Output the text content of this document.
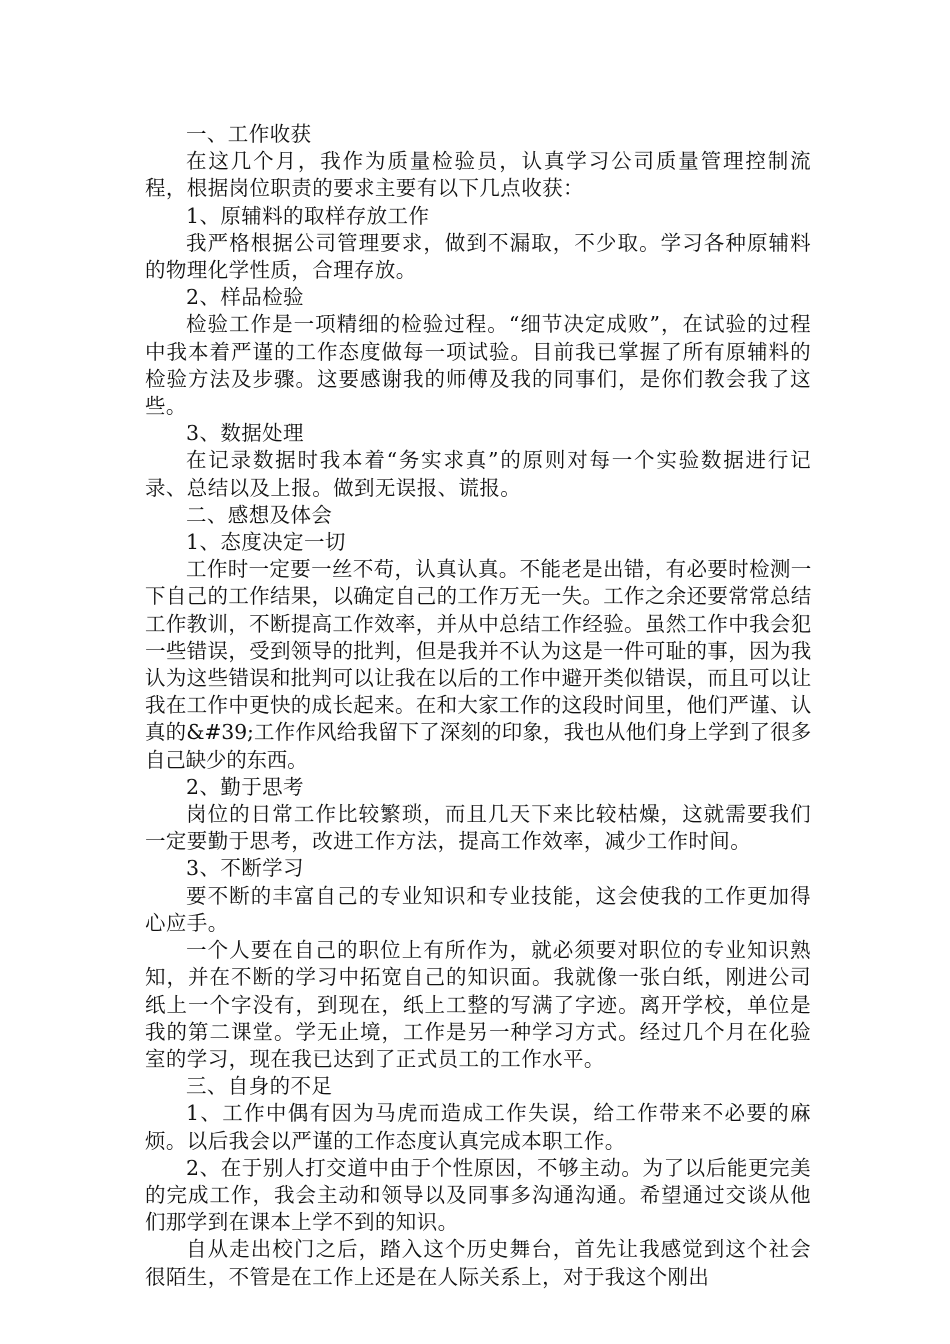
一、工作收获

在这几个月，我作为质量检验员，认真学习公司质量管理控制流程，根据岗位职责的要求主要有以下几点收获：

1、原辅料的取样存放工作

我严格根据公司管理要求，做到不漏取，不少取。学习各种原辅料的物理化学性质，合理存放。

2、样品检验

检验工作是一项精细的检验过程。“细节决定成败”，在试验的过程中我本着严谨的工作态度做每一项试验。目前我已掌握了所有原辅料的检验方法及步骤。这要感谢我的师傅及我的同事们，是你们教会我了这些。

3、数据处理

在记录数据时我本着“务实求真”的原则对每一个实验数据进行记录、总结以及上报。做到无误报、谎报。

二、感想及体会

1、态度决定一切

工作时一定要一丝不苟，认真认真。不能老是出错，有必要时检测一下自己的工作结果，以确定自己的工作万无一失。工作之余还要常常总结工作教训，不断提高工作效率，并从中总结工作经验。虽然工作中我会犯一些错误，受到领导的批判，但是我并不认为这是一件可耻的事，因为我认为这些错误和批判可以让我在以后的工作中避开类似错误，而且可以让我在工作中更快的成长起来。在和大家工作的这段时间里，他们严谨、认真的&#39;工作作风给我留下了深刻的印象，我也从他们身上学到了很多自己缺少的东西。

2、勤于思考

岗位的日常工作比较繁琐，而且几天下来比较枯燥，这就需要我们一定要勤于思考，改进工作方法，提高工作效率，减少工作时间。

3、不断学习

要不断的丰富自己的专业知识和专业技能，这会使我的工作更加得心应手。

一个人要在自己的职位上有所作为，就必须要对职位的专业知识熟知，并在不断的学习中拓宽自己的知识面。我就像一张白纸，刚进公司纸上一个字没有，到现在，纸上工整的写满了字迹。离开学校，单位是我的第二课堂。学无止境，工作是另一种学习方式。经过几个月在化验室的学习，现在我已达到了正式员工的工作水平。

三、自身的不足

1、工作中偶有因为马虎而造成工作失误，给工作带来不必要的麻烦。以后我会以严谨的工作态度认真完成本职工作。

2、在于别人打交道中由于个性原因，不够主动。为了以后能更完美的完成工作，我会主动和领导以及同事多沟通沟通。希望通过交谈从他们那学到在课本上学不到的知识。

自从走出校门之后，踏入这个历史舞台，首先让我感觉到这个社会很陌生，不管是在工作上还是在人际关系上，对于我这个刚出
